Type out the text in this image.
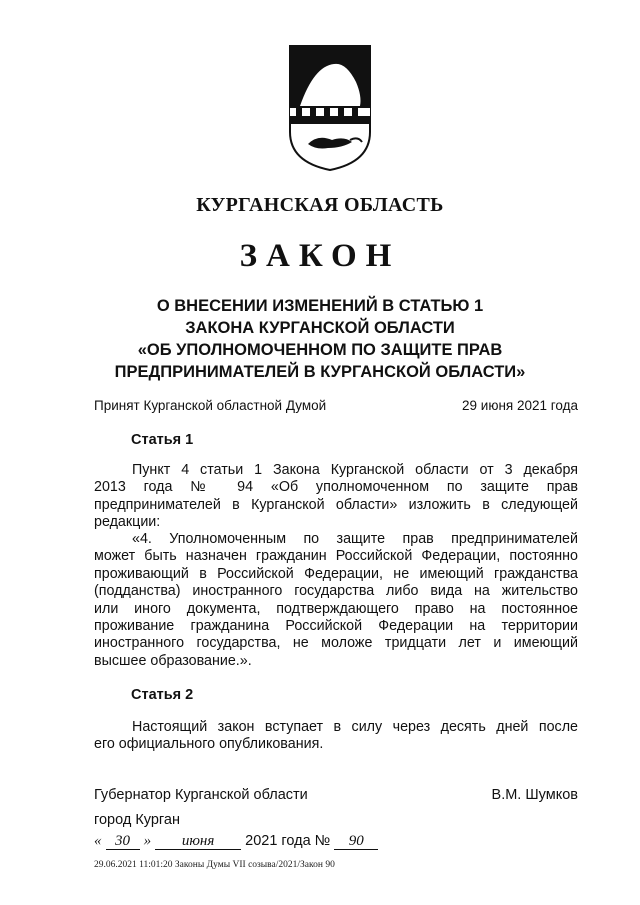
КУРГАНСКАЯ ОБЛАСТЬ
ЗАКОН
О ВНЕСЕНИИ ИЗМЕНЕНИЙ В СТАТЬЮ 1
ЗАКОНА КУРГАНСКОЙ ОБЛАСТИ
«ОБ УПОЛНОМОЧЕННОМ ПО ЗАЩИТЕ ПРАВ
ПРЕДПРИНИМАТЕЛЕЙ В КУРГАНСКОЙ ОБЛАСТИ»
Принят Курганской областной Думой	29 июня 2021 года
Статья 1
Пункт 4 статьи 1 Закона Курганской области от 3 декабря
2013 года № 94 «Об уполномоченном по защите прав
предпринимателей в Курганской области» изложить в следующей
редакции:
«4. Уполномоченным по защите прав предпринимателей
может быть назначен гражданин Российской Федерации, постоянно
проживающий в Российской Федерации, не имеющий гражданства
(подданства) иностранного государства либо вида на жительство
или иного документа, подтверждающего право на постоянное
проживание гражданина Российской Федерации на территории
иностранного государства, не моложе тридцати лет и имеющий
высшее образование.».
Статья 2
Настоящий закон вступает в силу через десять дней после
его официального опубликования.
Губернатор Курганской области	В.М. Шумков
город Курган
« 30 » июня 2021 года № 90
29.06.2021 11:01:20 Законы Думы VII созыва/2021/Закон 90
